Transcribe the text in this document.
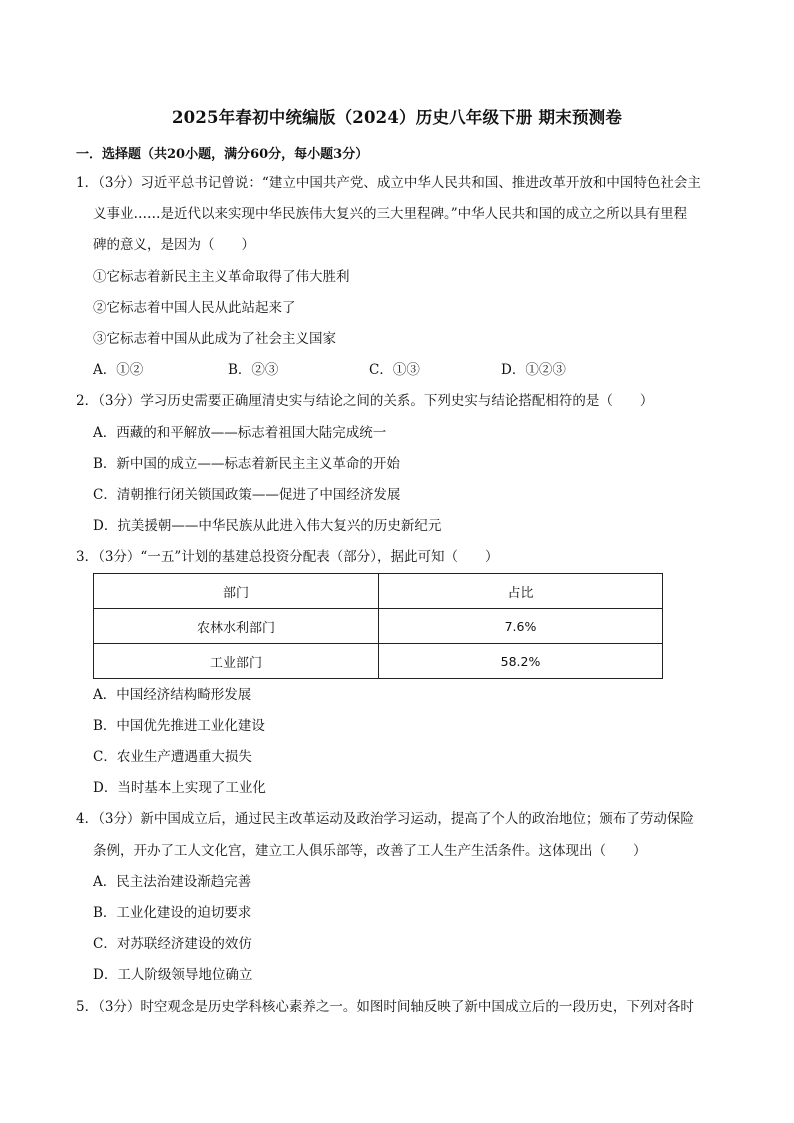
2025年春初中统编版（2024）历史八年级下册 期末预测卷
一．选择题（共20小题，满分60分，每小题3分）
1．（3分）习近平总书记曾说：“建立中国共产党、成立中华人民共和国、推进改革开放和中国特色社会主
义事业……是近代以来实现中华民族伟大复兴的三大里程碑。”中华人民共和国的成立之所以具有里程
碑的意义，是因为（　　）
①它标志着新民主主义革命取得了伟大胜利
②它标志着中国人民从此站起来了
③它标志着中国从此成为了社会主义国家
A．①②	B．②③	C．①③	D．①②③
2．（3分）学习历史需要正确厘清史实与结论之间的关系。下列史实与结论搭配相符的是（　　）
A．西藏的和平解放——标志着祖国大陆完成统一
B．新中国的成立——标志着新民主主义革命的开始
C．清朝推行闭关锁国政策——促进了中国经济发展
D．抗美援朝——中华民族从此进入伟大复兴的历史新纪元
3．（3分）“一五”计划的基建总投资分配表（部分），据此可知（　　）
部门	占比
农林水利部门	7.6%
工业部门	58.2%
A．中国经济结构畸形发展
B．中国优先推进工业化建设
C．农业生产遭遇重大损失
D．当时基本上实现了工业化
4．（3分）新中国成立后，通过民主改革运动及政治学习运动，提高了个人的政治地位；颁布了劳动保险
条例，开办了工人文化宫，建立工人俱乐部等，改善了工人生产生活条件。这体现出（　　）
A．民主法治建设渐趋完善
B．工业化建设的迫切要求
C．对苏联经济建设的效仿
D．工人阶级领导地位确立
5．（3分）时空观念是历史学科核心素养之一。如图时间轴反映了新中国成立后的一段历史，下列对各时
